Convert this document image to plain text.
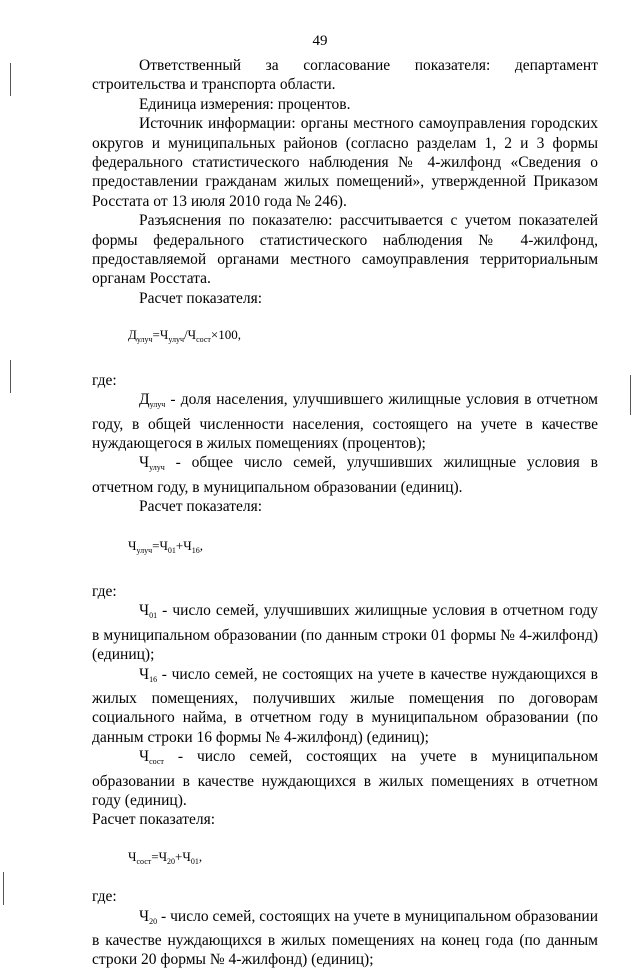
49

Ответственный за согласование показателя: департамент

строительства и транспорта области.

Единица измерения: процентов.

Источник информации: органы местного самоуправления городских округов и муниципальных районов (согласно разделам 1, 2 и 3 формы федерального статистического наблюдения № 4-жилфонд «Сведения о предоставлении гражданам жилых помещений», утвержденной Приказом Росстата от 13 июля 2010 года № 246).

Разъяснения по показателю: рассчитывается с учетом показателей формы федерального статистического наблюдения № 4-жилфонд, предоставляемой органами местного самоуправления территориальным органам Росстата.

Расчет показателя:

$Д_{улуч}=Ч_{улуч}/Ч_{сост}\times 100$,

где:

$Д_{улуч}$ - доля населения, улучшившего жилищные условия в отчетном году, в общей численности населения, состоящего на учете в качестве нуждающегося в жилых помещениях (процентов);

$Ч_{улуч}$ - общее число семей, улучшивших жилищные условия в отчетном году, в муниципальном образовании (единиц).

Расчет показателя:

$Ч_{улуч}=Ч_{01}+Ч_{16}$,

где:

$Ч_{01}$ - число семей, улучшивших жилищные условия в отчетном году в муниципальном образовании (по данным строки 01 формы № 4-жилфонд) (единиц);

$Ч_{16}$ - число семей, не состоящих на учете в качестве нуждающихся в жилых помещениях, получивших жилые помещения по договорам социального найма, в отчетном году в муниципальном образовании (по данным строки 16 формы № 4-жилфонд) (единиц);

$Ч_{сост}$ - число семей, состоящих на учете в муниципальном образовании в качестве нуждающихся в жилых помещениях в отчетном году (единиц).

Расчет показателя:

$Ч_{сост}=Ч_{20}+Ч_{01}$,

где:

$Ч_{20}$ - число семей, состоящих на учете в муниципальном образовании в качестве нуждающихся в жилых помещениях на конец года (по данным строки 20 формы № 4-жилфонд) (единиц);
